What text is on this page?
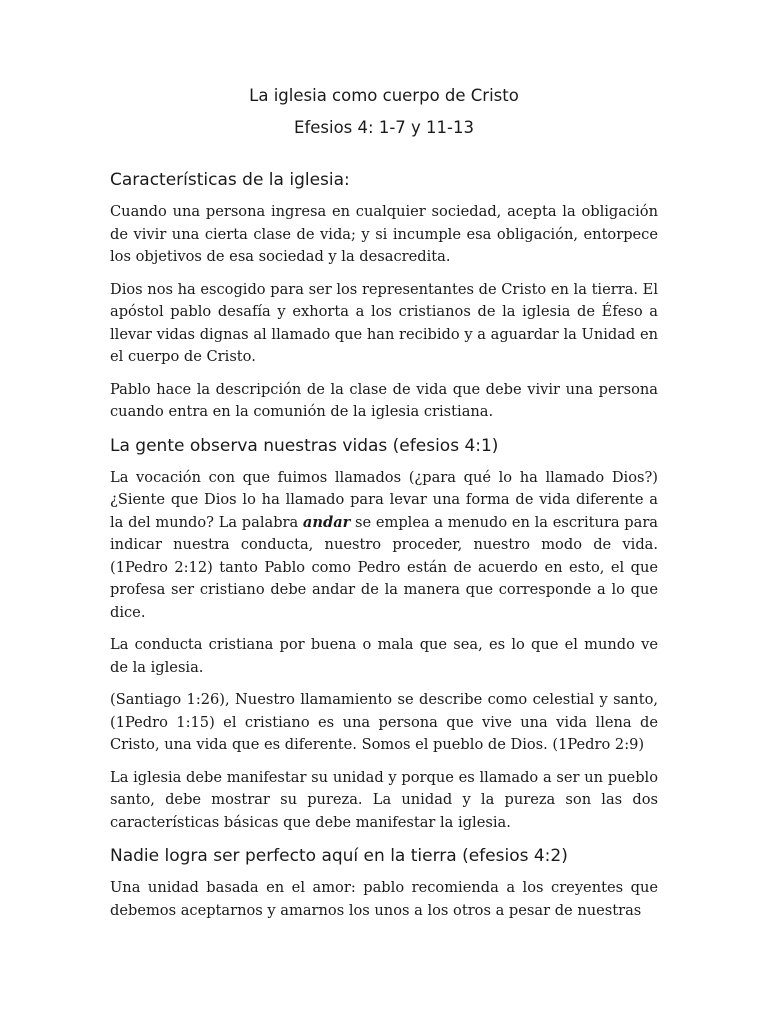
La iglesia como cuerpo de Cristo
Efesios 4: 1-7 y 11-13
Características de la iglesia:

Cuando una persona ingresa en cualquier sociedad, acepta la obligación de vivir una cierta clase de vida; y si incumple esa obligación, entorpece los objetivos de esa sociedad y la desacredita.

Dios nos ha escogido para ser los representantes de Cristo en la tierra. El apóstol pablo desafía y exhorta a los cristianos de la iglesia de Éfeso a llevar vidas dignas al llamado que han recibido y a aguardar la Unidad en el cuerpo de Cristo.

Pablo hace la descripción de la clase de vida que debe vivir una persona cuando entra en la comunión de la iglesia cristiana.

La gente observa nuestras vidas (efesios 4:1)

La vocación con que fuimos llamados (¿para qué lo ha llamado Dios?) ¿Siente que Dios lo ha llamado para levar una forma de vida diferente a la del mundo? La palabra andar se emplea a menudo en la escritura para indicar nuestra conducta, nuestro proceder, nuestro modo de vida. (1Pedro 2:12) tanto Pablo como Pedro están de acuerdo en esto, el que profesa ser cristiano debe andar de la manera que corresponde a lo que dice.

La conducta cristiana por buena o mala que sea, es lo que el mundo ve de la iglesia.

(Santiago 1:26), Nuestro llamamiento se describe como celestial y santo, (1Pedro 1:15) el cristiano es una persona que vive una vida llena de Cristo, una vida que es diferente. Somos el pueblo de Dios. (1Pedro 2:9)

La iglesia debe manifestar su unidad y porque es llamado a ser un pueblo santo, debe mostrar su pureza. La unidad y la pureza son las dos características básicas que debe manifestar la iglesia.

Nadie logra ser perfecto aquí en la tierra (efesios 4:2)

Una unidad basada en el amor: pablo recomienda a los creyentes que debemos aceptarnos y amarnos los unos a los otros a pesar de nuestras
